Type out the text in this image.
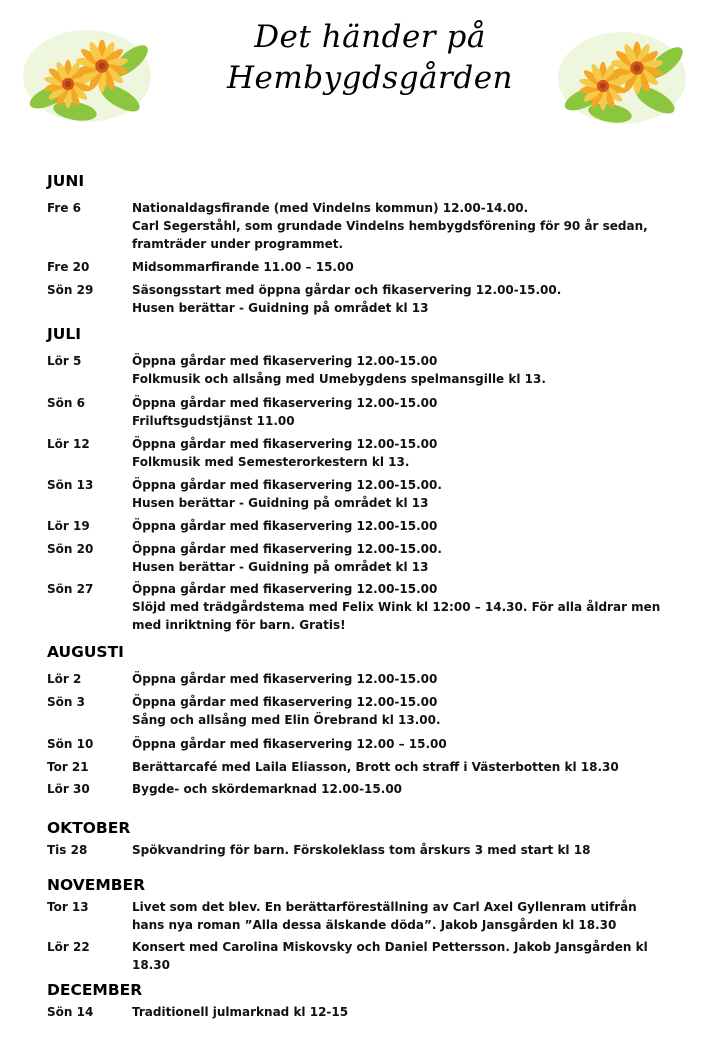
Det händer på
Hembygdsgården
JUNI
JULI
AUGUSTI
OKTOBER
NOVEMBER
DECEMBER
Fre 6	Nationaldagsfirande (med Vindelns kommun) 12.00-14.00.
Carl Segerståhl, som grundade Vindelns hembygdsförening för 90 år sedan,
framträder under programmet.
Fre 20	Midsommarfirande 11.00 – 15.00
Sön 29	Säsongsstart med öppna gårdar och fikaservering 12.00-15.00.
Husen berättar - Guidning på området kl 13
Lör 5	Öppna gårdar med fikaservering 12.00-15.00
Folkmusik och allsång med Umebygdens spelmansgille kl 13.
Sön 6	Öppna gårdar med fikaservering 12.00-15.00
Friluftsgudstjänst 11.00
Lör 12	Öppna gårdar med fikaservering 12.00-15.00
Folkmusik med Semesterorkestern kl 13.
Sön 13	Öppna gårdar med fikaservering 12.00-15.00.
Husen berättar - Guidning på området kl 13
Lör 19	Öppna gårdar med fikaservering 12.00-15.00
Sön 20	Öppna gårdar med fikaservering 12.00-15.00.
Husen berättar - Guidning på området kl 13
Sön 27	Öppna gårdar med fikaservering 12.00-15.00
Slöjd med trädgårdstema med Felix Wink kl 12:00 – 14.30. För alla åldrar men
med inriktning för barn. Gratis!
Lör 2	Öppna gårdar med fikaservering 12.00-15.00
Sön 3	Öppna gårdar med fikaservering 12.00-15.00
Sång och allsång med Elin Örebrand kl 13.00.
Sön 10	Öppna gårdar med fikaservering 12.00 – 15.00
Tor 21	Berättarcafé med Laila Eliasson, Brott och straff i Västerbotten kl 18.30
Lör 30	Bygde- och skördemarknad 12.00-15.00
Tis 28	Spökvandring för barn. Förskoleklass tom årskurs 3 med start kl 18
Tor 13	Livet som det blev. En berättarföreställning av Carl Axel Gyllenram utifrån
hans nya roman ”Alla dessa älskande döda”. Jakob Jansgården kl 18.30
Lör 22	Konsert med Carolina Miskovsky och Daniel Pettersson. Jakob Jansgården kl
18.30
Sön 14	Traditionell julmarknad kl 12-15
